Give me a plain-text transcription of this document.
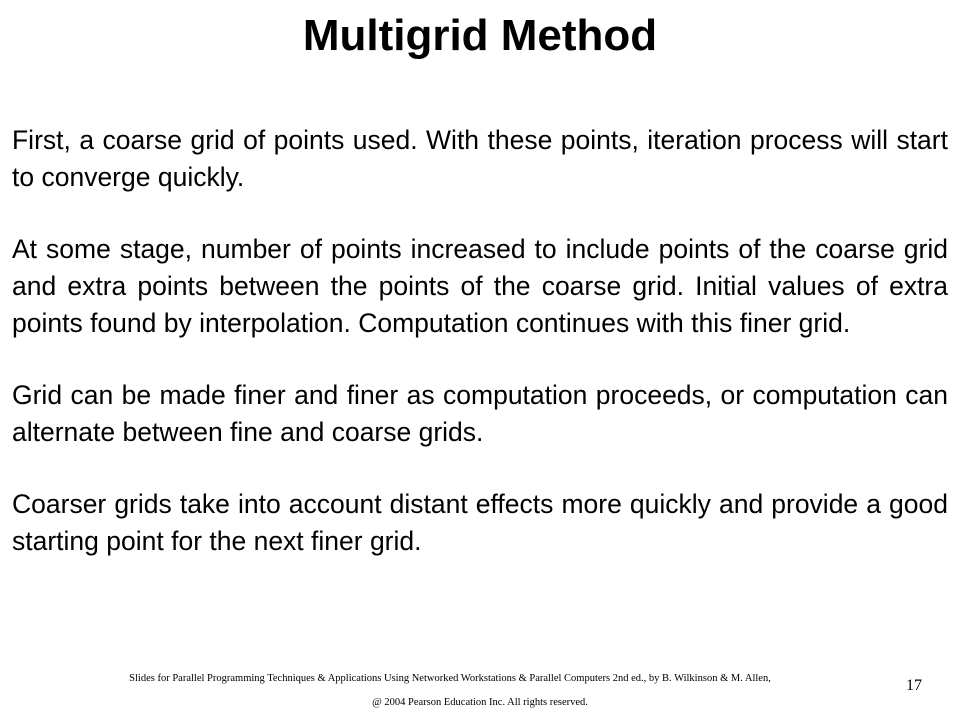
Multigrid Method

First, a coarse grid of points used. With these points, iteration process will start to converge quickly.

At some stage, number of points increased to include points of the coarse grid and extra points between the points of the coarse grid. Initial values of extra points found by interpolation. Computation continues with this finer grid.

Grid can be made finer and finer as computation proceeds, or computation can alternate between fine and coarse grids.

Coarser grids take into account distant effects more quickly and provide a good starting point for the next finer grid.

Slides for Parallel Programming Techniques & Applications Using Networked Workstations & Parallel Computers 2nd ed., by B. Wilkinson & M. Allen,
@ 2004 Pearson Education Inc. All rights reserved.
17
